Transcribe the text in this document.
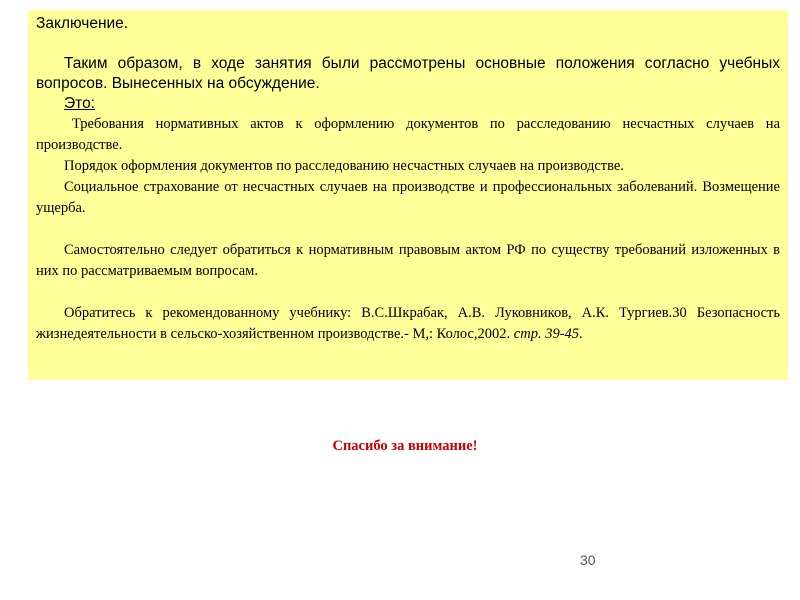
Заключение.

Таким образом, в ходе занятия были рассмотрены основные положения согласно учебных вопросов. Вынесенных на обсуждение.

Это:

Требования нормативных актов к оформлению документов по расследованию несчастных случаев на производстве.

Порядок оформления документов по расследованию несчастных случаев на производстве.

Социальное страхование от несчастных случаев на производстве и профессиональных заболеваний. Возмещение ущерба.

Самостоятельно следует обратиться к нормативным правовым актом РФ по существу требований изложенных в них по рассматриваемым вопросам.

Обратитесь к рекомендованному учебнику: В.С.Шкрабак, А.В. Луковников, А.К. Тургиев.30 Безопасность жизнедеятельности в сельско-хозяйственном производстве.- М,: Колос,2002. стр. 39-45.

Спасибо за внимание!
30
